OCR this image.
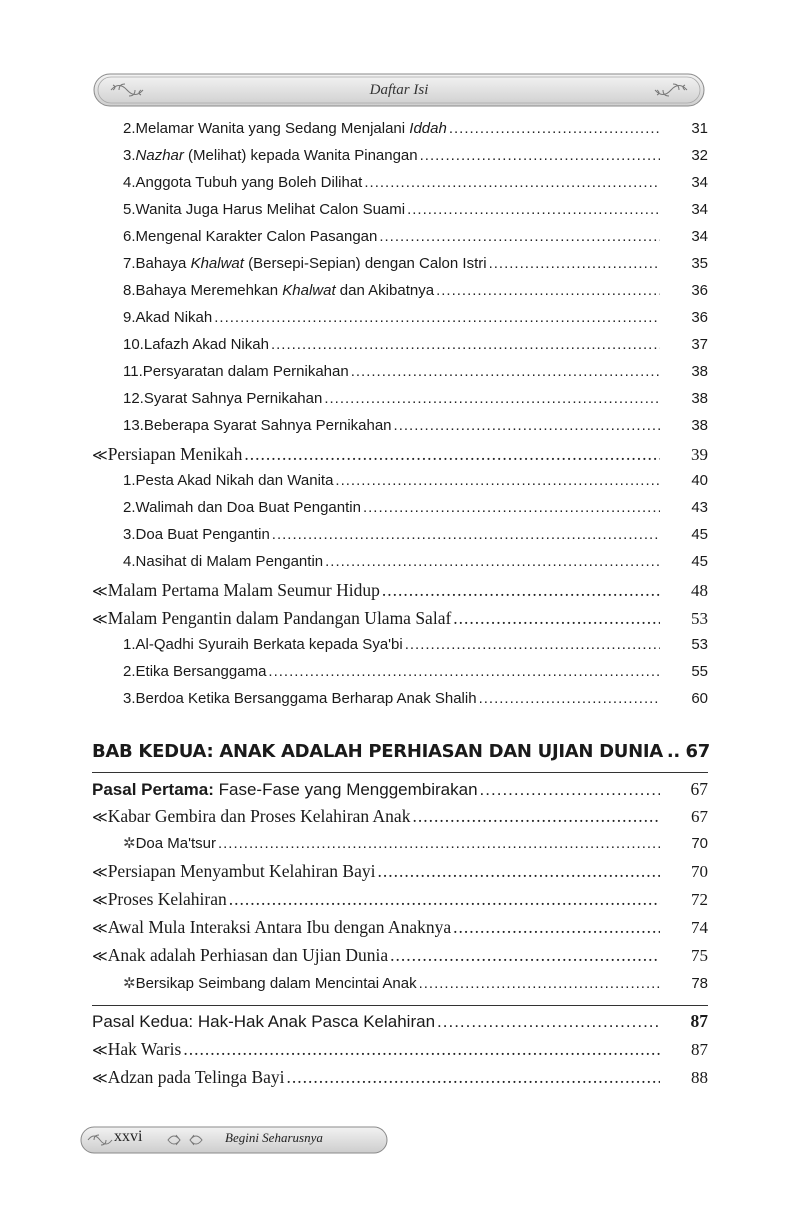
Daftar Isi
2. Melamar Wanita yang Sedang Menjalani Iddah .....	31
3. Nazhar (Melihat) kepada Wanita Pinangan .....	32
4. Anggota Tubuh yang Boleh Dilihat .....	34
5. Wanita Juga Harus Melihat Calon Suami .....	34
6. Mengenal Karakter Calon Pasangan .....	34
7. Bahaya Khalwat (Bersepi-Sepian) dengan Calon Istri .....	35
8. Bahaya Meremehkan Khalwat dan Akibatnya .....	36
9. Akad Nikah .....	36
10. Lafazh Akad Nikah .....	37
11. Persyaratan dalam Pernikahan .....	38
12. Syarat Sahnya Pernikahan .....	38
13. Beberapa Syarat Sahnya Pernikahan .....	38
≪ Persiapan Menikah .....	39
1. Pesta Akad Nikah dan Wanita .....	40
2. Walimah dan Doa Buat Pengantin .....	43
3. Doa Buat Pengantin .....	45
4. Nasihat di Malam Pengantin .....	45
≪ Malam Pertama Malam Seumur Hidup .....	48
≪ Malam Pengantin dalam Pandangan Ulama Salaf .....	53
1. Al-Qadhi Syuraih Berkata kepada Sya'bi .....	53
2. Etika Bersanggama .....	55
3. Berdoa Ketika Bersanggama Berharap Anak Shalih .....	60
BAB KEDUA: ANAK ADALAH PERHIASAN DAN UJIAN DUNIA .. 67
Pasal Pertama: Fase-Fase yang Menggembirakan .....	67
≪ Kabar Gembira dan Proses Kelahiran Anak .....	67
✲ Doa Ma'tsur .....	70
≪ Persiapan Menyambut Kelahiran Bayi .....	70
≪ Proses Kelahiran .....	72
≪ Awal Mula Interaksi Antara Ibu dengan Anaknya .....	74
≪ Anak adalah Perhiasan dan Ujian Dunia .....	75
✲ Bersikap Seimbang dalam Mencintai Anak .....	78
Pasal Kedua: Hak-Hak Anak Pasca Kelahiran .....	87
≪ Hak Waris .....	87
≪ Adzan pada Telinga Bayi .....	88
xxvi	Begini Seharusnya
